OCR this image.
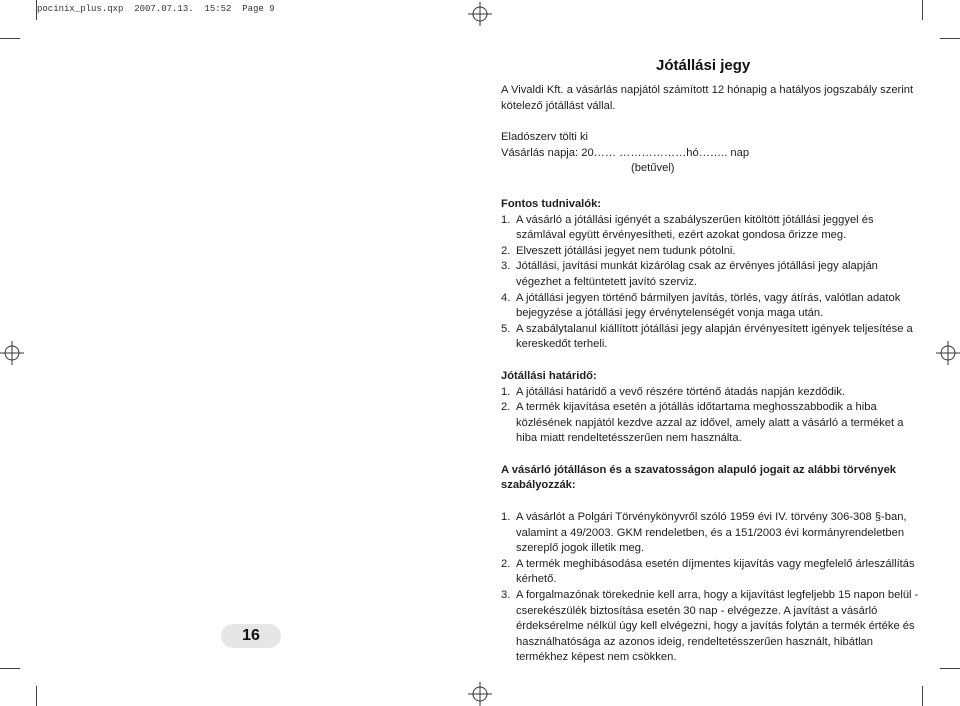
pocinix_plus.qxp  2007.07.13.  15:52  Page 9
Jótállási jegy

A Vivaldi Kft. a vásárlás napjától számított 12 hónapig a hatályos jogszabály szerint kötelező jótállást vállal.

Eladószerv tölti ki

Vásárlás napja: 20…… ………………hó…….. nap

(betűvel)

Fontos tudnivalók:

1. A vásárló a jótállási igényét a szabályszerűen kitöltött jótállási jeggyel és számlával együtt érvényesítheti, ezért azokat gondosa őrizze meg.
2. Elveszett jótállási jegyet nem tudunk pótolni.
3. Jótállási, javítási munkát kizárólag csak az érvényes jótállási jegy alapján végezhet a feltüntetett javító szerviz.
4. A jótállási jegyen történő bármilyen javítás, törlés, vagy átírás, valótlan adatok bejegyzése a jótállási jegy érvénytelenségét vonja maga után.
5. A szabálytalanul kiállított jótállási jegy alapján érvényesített igények teljesítése a kereskedőt terheli.

Jótállási határidő:

1. A jótállási határidő a vevő részére történő átadás napján kezdődik.
2. A termék kijavítása esetén a jótállás időtartama meghosszabbodik a hiba közlésének napjától kezdve azzal az idővel, amely alatt a vásárló a terméket a hiba miatt rendeltetésszerűen nem használta.

A vásárló jótálláson és a szavatosságon alapuló jogait az alábbi törvények szabályozzák:

1. A vásárlót a Polgári Törvénykönyvről szóló 1959 évi IV. törvény 306-308 §-ban, valamint a 49/2003. GKM rendeletben, és a 151/2003 évi kormányrendeletben szereplő jogok illetik meg.
2. A termék meghibásodása esetén díjmentes kijavítás vagy megfelelő árleszállítás kérhető.
3. A forgalmazónak törekednie kell arra, hogy a kijavítást legfeljebb 15 napon belül - cserekészülék biztosítása esetén 30 nap - elvégezze. A javítást a vásárló érdeksérelme nélkül úgy kell elvégezni, hogy a javítás folytán a termék értéke és használhatósága az azonos ideig, rendeltetésszerűen használt, hibátlan termékhez képest nem csökken.
16
